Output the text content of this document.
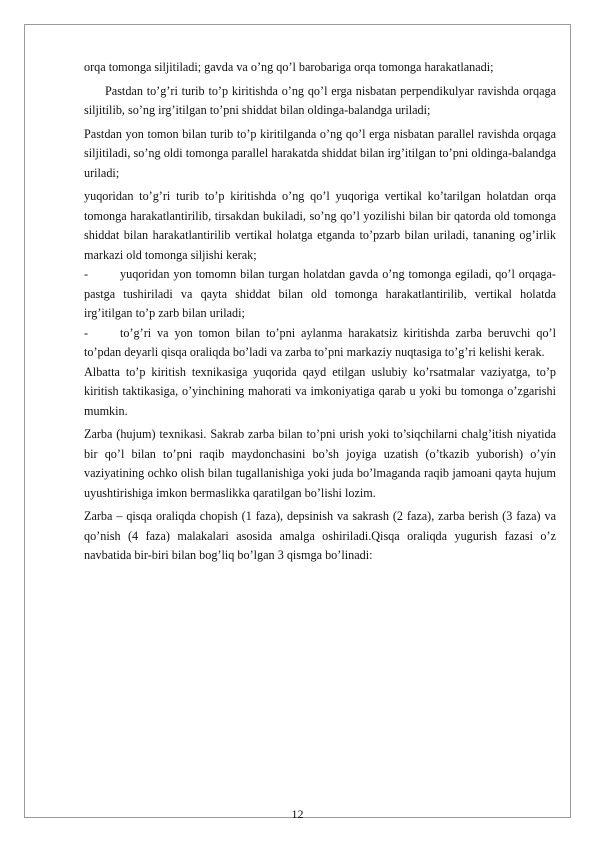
orqa tomonga siljitiladi; gavda va o’ng qo’l barobariga orqa tomonga harakatlanadi;

Pastdan to’g’ri turib to’p kiritishda o’ng qo’l erga nisbatan perpendikulyar ravishda orqaga siljitilib, so’ng irg’itilgan to’pni shiddat bilan oldinga-balandga uriladi;

Pastdan yon tomon bilan turib to’p kiritilganda o’ng qo’l erga nisbatan parallel ravishda orqaga siljitiladi, so’ng oldi tomonga parallel harakatda shiddat bilan irg’itilgan to’pni oldinga-balandga uriladi;

yuqoridan to’g’ri turib to’p kiritishda o’ng qo’l yuqoriga vertikal ko’tarilgan holatdan orqa tomonga harakatlantirilib, tirsakdan bukiladi, so’ng qo’l yozilishi bilan bir qatorda old tomonga shiddat bilan harakatlantirilib vertikal holatga etganda to’pzarb bilan uriladi, tananing og’irlik markazi old tomonga siljishi kerak;

-	yuqoridan yon tomomn bilan turgan holatdan gavda o’ng tomonga egiladi, qo’l orqaga-pastga tushiriladi va qayta shiddat bilan old tomonga harakatlantirilib, vertikal holatda irg’itilgan to’p zarb bilan uriladi;

-	to’g’ri va yon tomon bilan to’pni aylanma harakatsiz kiritishda zarba beruvchi qo’l to’pdan deyarli qisqa oraliqda bo’ladi va zarba to’pni markaziy nuqtasiga to’g’ri kelishi kerak.

Albatta to’p kiritish texnikasiga yuqorida qayd etilgan uslubiy ko’rsatmalar vaziyatga, to’p kiritish taktikasiga, o’yinchining mahorati va imkoniyatiga qarab u yoki bu tomonga o’zgarishi mumkin.

Zarba (hujum) texnikasi. Sakrab zarba bilan to’pni urish yoki to’siqchilarni chalg’itish niyatida bir qo’l bilan to’pni raqib maydonchasini bo’sh joyiga uzatish (o’tkazib yuborish) o’yin vaziyatining ochko olish bilan tugallanishiga yoki juda bo’lmaganda raqib jamoani qayta hujum uyushtirishiga imkon bermaslikka qaratilgan bo’lishi lozim.

Zarba – qisqa oraliqda chopish (1 faza), depsinish va sakrash (2 faza), zarba berish (3 faza) va qo’nish (4 faza) malakalari asosida amalga oshiriladi.Qisqa oraliqda yugurish fazasi o’z navbatida bir-biri bilan bog’liq bo’lgan 3 qismga bo’linadi:

12
